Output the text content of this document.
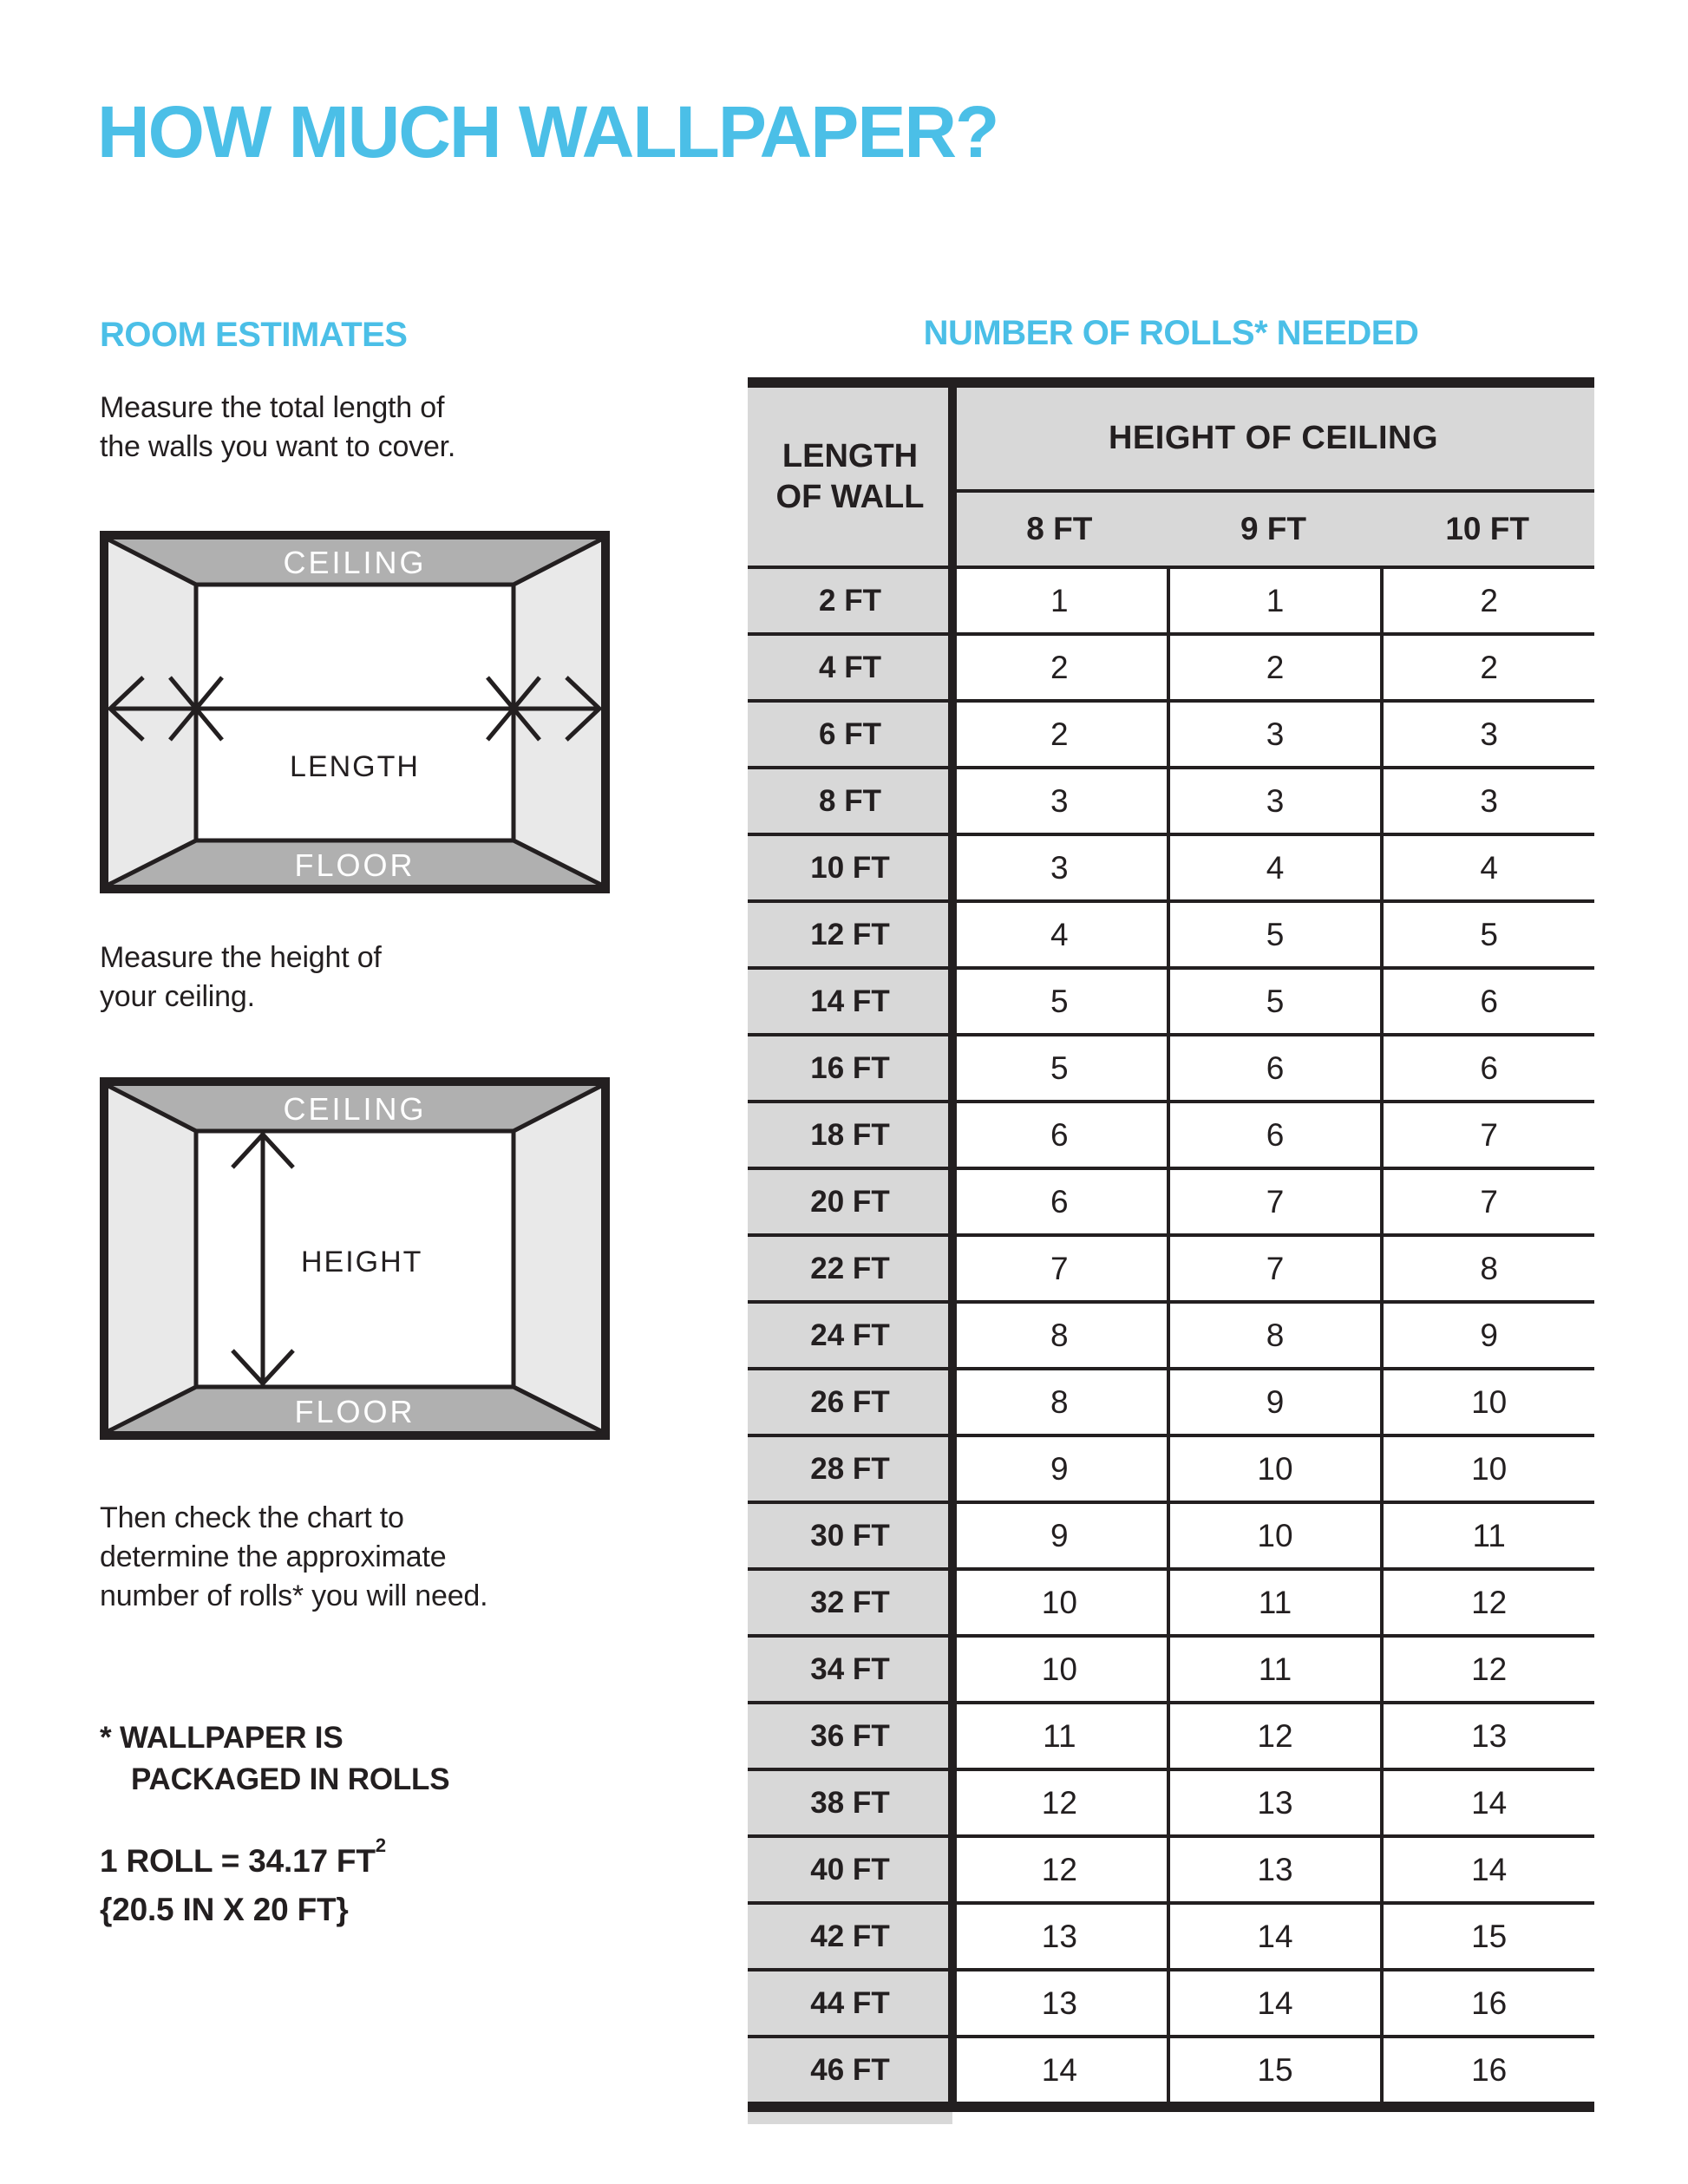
HOW MUCH WALLPAPER?
ROOM ESTIMATES

Measure the total length of
the walls you want to cover.

CEILING
FLOOR
LENGTH

Measure the height of
your ceiling.

CEILING
FLOOR
HEIGHT

Then check the chart to
determine the approximate
number of rolls* you will need.

* WALLPAPER IS
PACKAGED IN ROLLS

1 ROLL = 34.17 $FT^2$
{20.5 IN X 20 FT}

NUMBER OF ROLLS* NEEDED
LENGTH
OF WALL
HEIGHT OF CEILING
8 FT	9 FT	10 FT
2 FT	1	1	2
4 FT	2	2	2
6 FT	2	3	3
8 FT	3	3	3
10 FT	3	4	4
12 FT	4	5	5
14 FT	5	5	6
16 FT	5	6	6
18 FT	6	6	7
20 FT	6	7	7
22 FT	7	7	8
24 FT	8	8	9
26 FT	8	9	10
28 FT	9	10	10
30 FT	9	10	11
32 FT	10	11	12
34 FT	10	11	12
36 FT	11	12	13
38 FT	12	13	14
40 FT	12	13	14
42 FT	13	14	15
44 FT	13	14	16
46 FT	14	15	16
